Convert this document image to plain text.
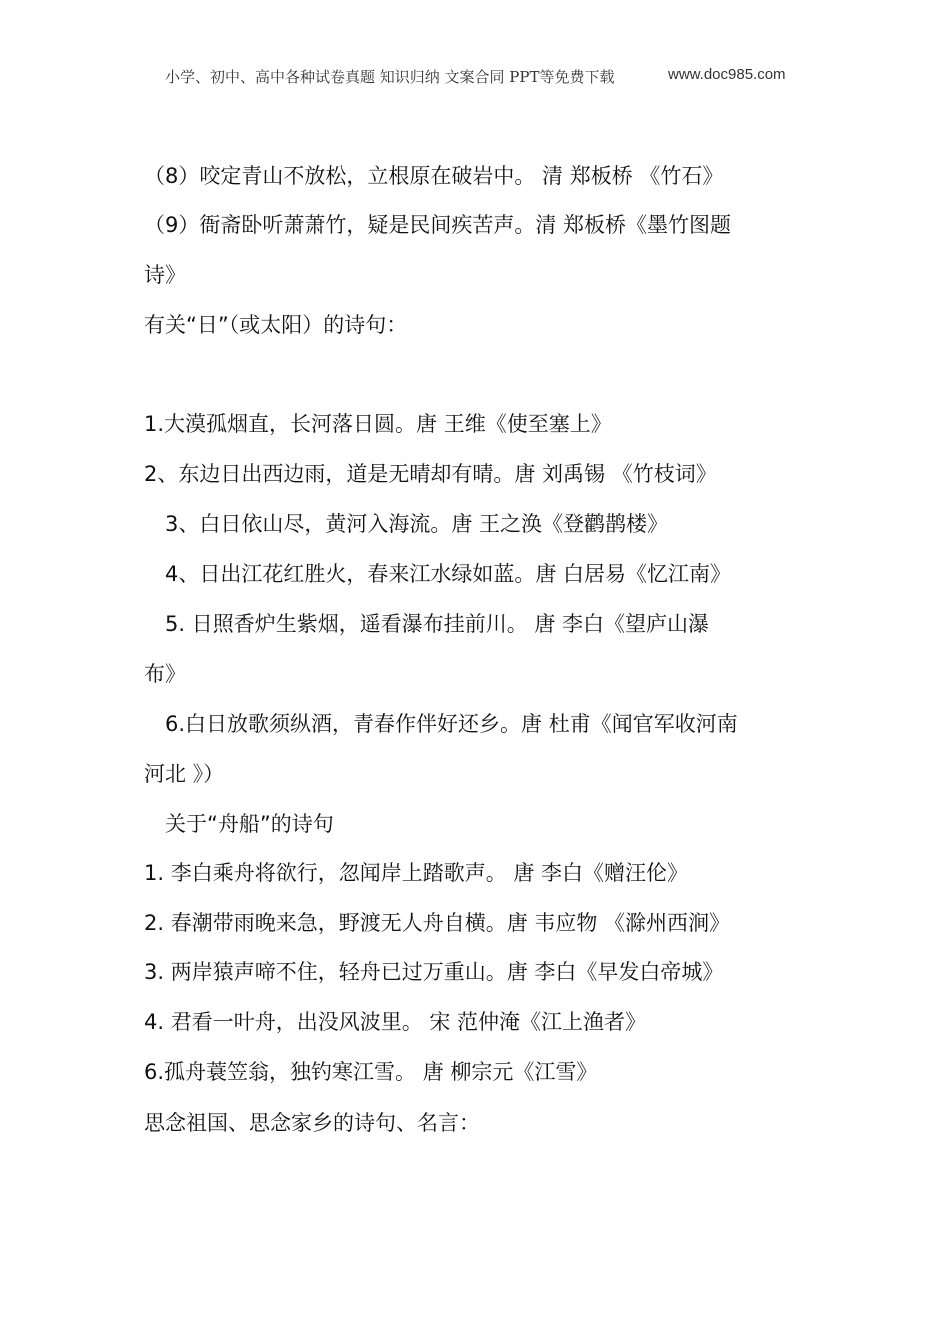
小学、初中、高中各种试卷真题 知识归纳 文案合同 PPT等免费下载	www.doc985.com
（8）咬定青山不放松，立根原在破岩中。 清 郑板桥 《竹石》
（9）衙斋卧听萧萧竹，疑是民间疾苦声。清 郑板桥《墨竹图题
诗》
有关“日”（或太阳）的诗句：
1.大漠孤烟直，长河落日圆。唐 王维《使至塞上》
2、东边日出西边雨，道是无晴却有晴。唐 刘禹锡 《竹枝词》
3、白日依山尽，黄河入海流。唐 王之涣《登鹳鹊楼》
4、日出江花红胜火，春来江水绿如蓝。唐 白居易《忆江南》
5. 日照香炉生紫烟，遥看瀑布挂前川。 唐 李白《望庐山瀑
布》
6.白日放歌须纵酒，青春作伴好还乡。唐 杜甫《闻官军收河南
河北 》）
关于“舟船”的诗句
1. 李白乘舟将欲行，忽闻岸上踏歌声。 唐 李白《赠汪伦》
2. 春潮带雨晚来急，野渡无人舟自横。唐 韦应物 《滁州西涧》
3. 两岸猿声啼不住，轻舟已过万重山。唐 李白《早发白帝城》
4. 君看一叶舟，出没风波里。 宋 范仲淹《江上渔者》
6.孤舟蓑笠翁，独钓寒江雪。 唐 柳宗元《江雪》
思念祖国、思念家乡的诗句、名言：
